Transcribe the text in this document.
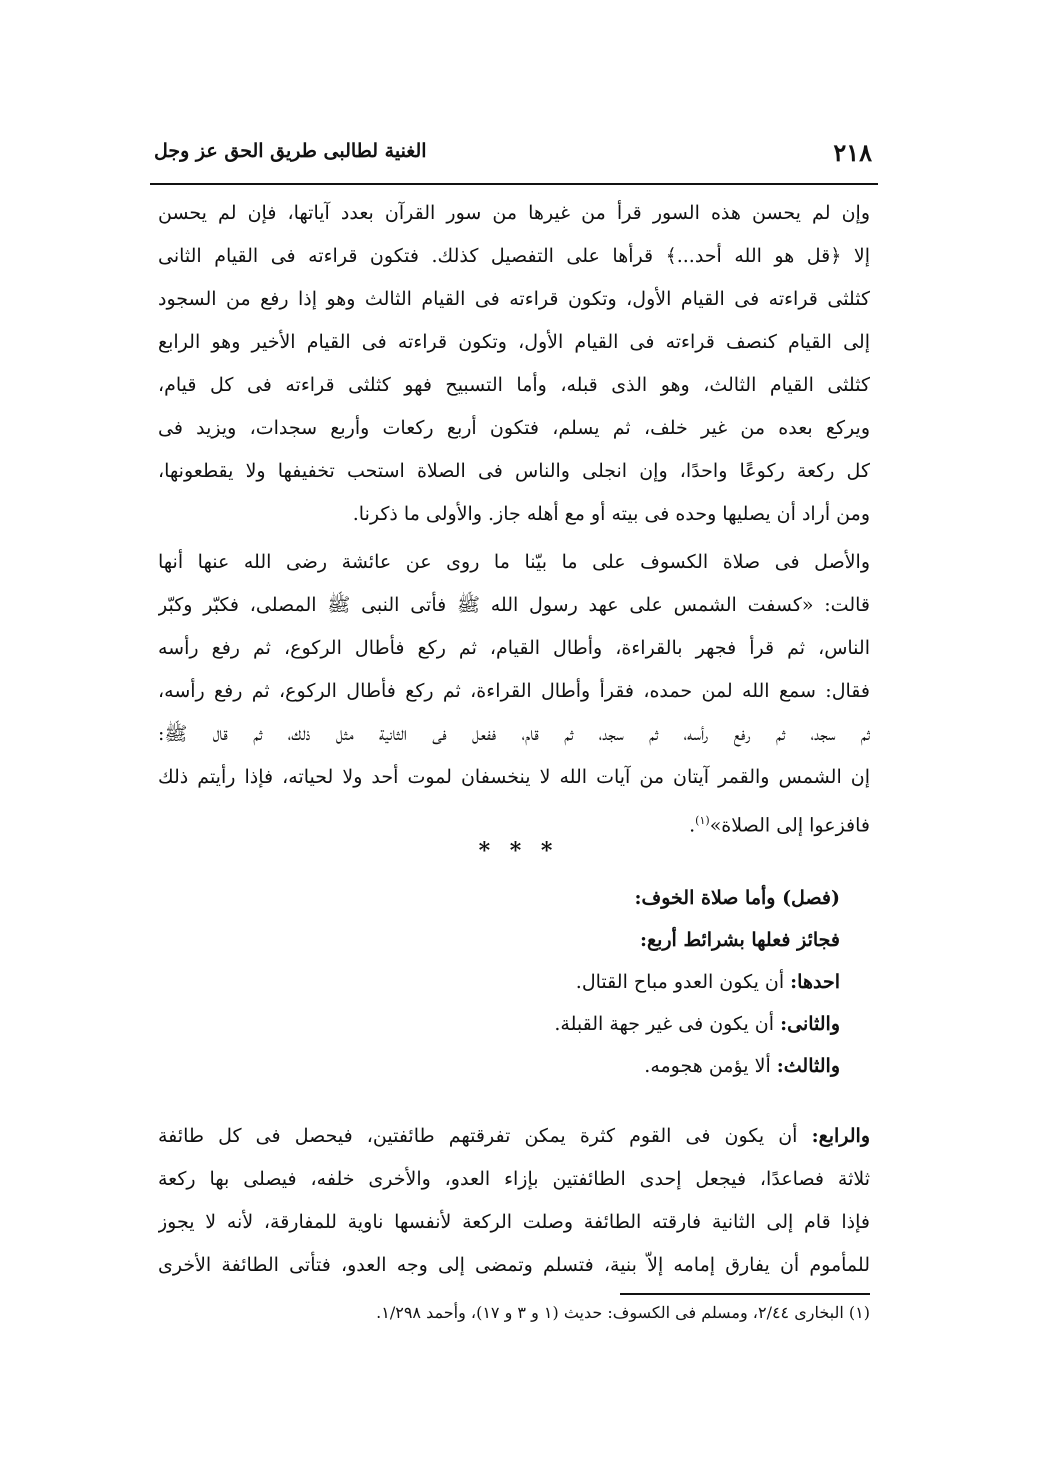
٢١٨
الغنية لطالبى طريق الحق عز وجل
وإن لم يحسن هذه السور قرأ من غيرها من سور القرآن بعدد آياتها، فإن لم يحسن
إلا ﴿قل هو الله أحد...﴾ قرأها على التفصيل كذلك. فتكون قراءته فى القيام الثانى
كثلثى قراءته فى القيام الأول، وتكون قراءته فى القيام الثالث وهو إذا رفع من السجود
إلى القيام كنصف قراءته فى القيام الأول، وتكون قراءته فى القيام الأخير وهو الرابع
كثلثى القيام الثالث، وهو الذى قبله، وأما التسبيح فهو كثلثى قراءته فى كل قيام،
ويركع بعده من غير خلف، ثم يسلم، فتكون أربع ركعات وأربع سجدات، ويزيد فى
كل ركعة ركوعًا واحدًا، وإن انجلى والناس فى الصلاة استحب تخفيفها ولا يقطعونها،
ومن أراد أن يصليها وحده فى بيته أو مع أهله جاز. والأولى ما ذكرنا.
والأصل فى صلاة الكسوف على ما بيّنا ما روى عن عائشة رضى الله عنها أنها
قالت: «كسفت الشمس على عهد رسول الله ﷺ فأتى النبى ﷺ المصلى، فكبّر وكبّر
الناس، ثم قرأ فجهر بالقراءة، وأطال القيام، ثم ركع فأطال الركوع، ثم رفع رأسه
فقال: سمع الله لمن حمده، فقرأ وأطال القراءة، ثم ركع فأطال الركوع، ثم رفع رأسه،
ثم سجد، ثم رفع رأسه، ثم سجد، ثم قام، ففعل فى الثانية مثل ذلك، ثم قال ﷺ:
إن الشمس والقمر آيتان من آيات الله لا ينخسفان لموت أحد ولا لحياته، فإذا رأيتم ذلك
فافزعوا إلى الصلاة»$^{(١)}$.
* * *
(فصل) وأما صلاة الخوف:
فجائز فعلها بشرائط أربع:
احدها: أن يكون العدو مباح القتال.
والثانى: أن يكون فى غير جهة القبلة.
والثالث: ألا يؤمن هجومه.
والرابع: أن يكون فى القوم كثرة يمكن تفرقتهم طائفتين، فيحصل فى كل طائفة
ثلاثة فصاعدًا، فيجعل إحدى الطائفتين بإزاء العدو، والأخرى خلفه، فيصلى بها ركعة
فإذا قام إلى الثانية فارقته الطائفة وصلت الركعة لأنفسها ناوية للمفارقة، لأنه لا يجوز
للمأموم أن يفارق إمامه إلاّ بنية، فتسلم وتمضى إلى وجه العدو، فتأتى الطائفة الأخرى
(١) البخارى ٢/٤٤، ومسلم فى الكسوف: حديث (١ و ٣ و ١٧)، وأحمد ١/٢٩٨.
